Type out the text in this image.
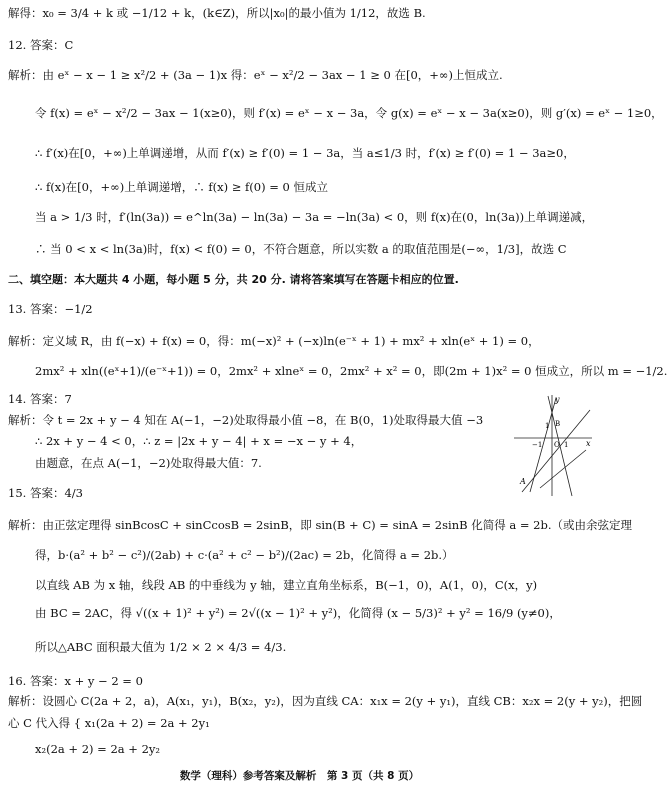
解得：x₀ = 3/4 + k 或 −1/12 + k，(k∈Z)，所以|x₀|的最小值为 1/12，故选 B.
12. 答案：C
解析：由 eˣ − x − 1 ≥ x²/2 + (3a − 1)x 得：eˣ − x²/2 − 3ax − 1 ≥ 0 在[0，+∞)上恒成立.
令 f(x) = eˣ − x²/2 − 3ax − 1(x≥0)，则 f′(x) = eˣ − x − 3a，令 g(x) = eˣ − x − 3a(x≥0)，则 g′(x) = eˣ − 1≥0，
∴ f′(x)在[0，+∞)上单调递增，从而 f′(x) ≥ f′(0) = 1 − 3a，当 a≤1/3 时，f′(x) ≥ f′(0) = 1 − 3a≥0，
∴ f(x)在[0，+∞)上单调递增，∴ f(x) ≥ f(0) = 0 恒成立
当 a > 1/3 时，f′(ln(3a)) = e^ln(3a) − ln(3a) − 3a = −ln(3a) < 0，则 f(x)在(0，ln(3a))上单调递减，
∴ 当 0 < x < ln(3a)时，f(x) < f(0) = 0，不符合题意，所以实数 a 的取值范围是(−∞，1/3]，故选 C
二、填空题：本大题共 4 小题，每小题 5 分，共 20 分. 请将答案填写在答题卡相应的位置.
13. 答案：−1/2
解析：定义域 R，由 f(−x) + f(x) = 0，得：m(−x)² + (−x)ln(e⁻ˣ + 1) + mx² + xln(eˣ + 1) = 0，
2mx² + xln((eˣ+1)/(e⁻ˣ+1)) = 0，2mx² + xlneˣ = 0，2mx² + x² = 0，即(2m + 1)x² = 0 恒成立，所以 m = −1/2.
14. 答案：7
解析：令 t = 2x + y − 4 知在 A(−1，−2)处取得最小值 −8，在 B(0，1)处取得最大值 −3
∴ 2x + y − 4 < 0，∴ z = |2x + y − 4| + x = −x − y + 4，
由题意，在点 A(−1，−2)处取得最大值：7.
15. 答案：4/3
解析：由正弦定理得 sinBcosC + sinCcosB = 2sinB，即 sin(B + C) = sinA = 2sinB 化简得 a = 2b.（或由余弦定理
得，b·(a² + b² − c²)/(2ab) + c·(a² + c² − b²)/(2ac) = 2b，化简得 a = 2b.）
以直线 AB 为 x 轴，线段 AB 的中垂线为 y 轴，建立直角坐标系，B(−1，0)，A(1，0)，C(x，y)
由 BC = 2AC，得 √((x + 1)² + y²) = 2√((x − 1)² + y²)，化简得 (x − 5/3)² + y² = 16/9 (y≠0)，
所以△ABC 面积最大值为 1/2 × 2 × 4/3 = 4/3.
16. 答案：x + y − 2 = 0
解析：设圆心 C(2a + 2，a)，A(x₁，y₁)，B(x₂，y₂)，因为直线 CA：x₁x = 2(y + y₁)，直线 CB：x₂x = 2(y + y₂)，把圆
心 C 代入得 { x₁(2a + 2) = 2a + 2y₁
x₂(2a + 2) = 2a + 2y₂
y
x
O
1
−1	1
B
A
数学（理科）参考答案及解析　第 3 页（共 8 页）
